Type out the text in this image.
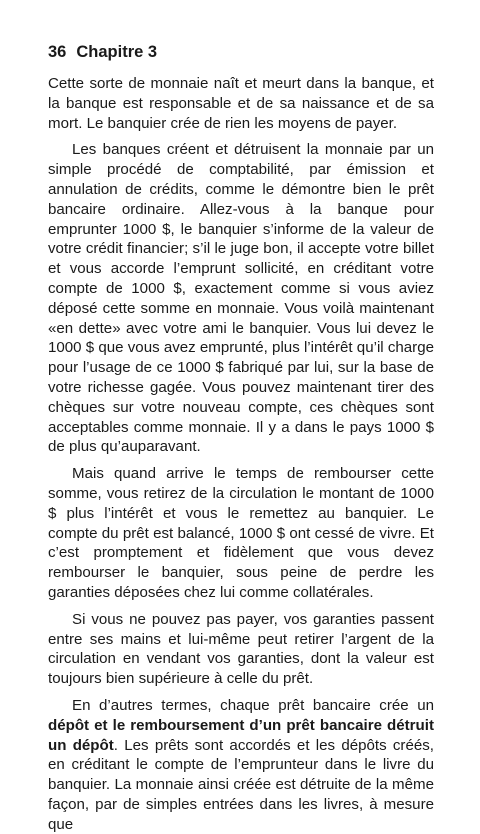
36 Chapitre 3

Cette sorte de monnaie naît et meurt dans la banque, et la banque est responsable et de sa naissance et de sa mort. Le banquier crée de rien les moyens de payer.

Les banques créent et détruisent la monnaie par un simple procédé de comptabilité, par émission et annulation de crédits, comme le démontre bien le prêt bancaire ordinaire. Allez-vous à la banque pour emprunter 1000 $, le banquier s’informe de la valeur de votre crédit financier; s’il le juge bon, il accepte votre billet et vous accorde l’emprunt sollicité, en créditant votre compte de 1000 $, exactement comme si vous aviez déposé cette somme en monnaie. Vous voilà maintenant «en dette» avec votre ami le banquier. Vous lui devez le 1000 $ que vous avez emprunté, plus l’intérêt qu’il charge pour l’usage de ce 1000 $ fabriqué par lui, sur la base de votre richesse gagée. Vous pouvez maintenant tirer des chèques sur votre nouveau compte, ces chèques sont acceptables comme monnaie. Il y a dans le pays 1000 $ de plus qu’auparavant.

Mais quand arrive le temps de rembourser cette somme, vous retirez de la circulation le montant de 1000 $ plus l’intérêt et vous le remettez au banquier. Le compte du prêt est balancé, 1000 $ ont cessé de vivre. Et c’est promptement et fidèlement que vous devez rembourser le banquier, sous peine de perdre les garanties déposées chez lui comme collatérales.

Si vous ne pouvez pas payer, vos garanties passent entre ses mains et lui-même peut retirer l’argent de la circulation en vendant vos garanties, dont la valeur est toujours bien supérieure à celle du prêt.

En d’autres termes, chaque prêt bancaire crée un dépôt et le remboursement d’un prêt bancaire détruit un dépôt. Les prêts sont accordés et les dépôts créés, en créditant le compte de l’emprunteur dans le livre du banquier. La monnaie ainsi créée est détruite de la même façon, par de simples entrées dans les livres, à mesure que
